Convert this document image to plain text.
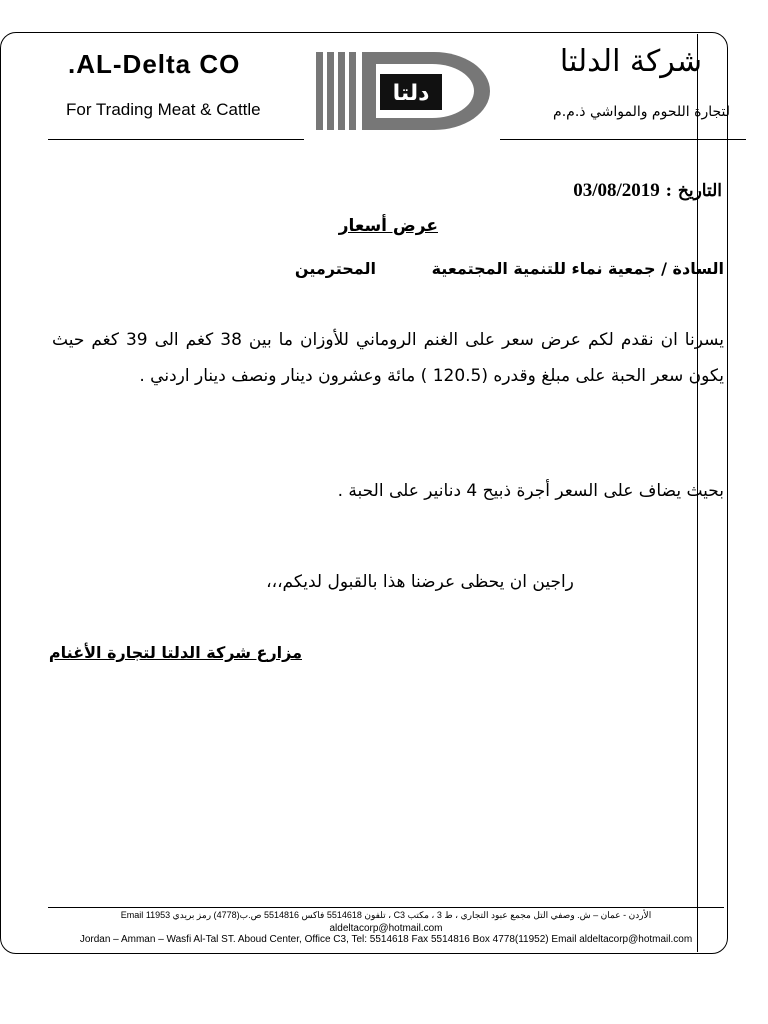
.AL-Delta CO
For Trading Meat & Cattle
دلتا
شركة الدلتا
لتجارة اللحوم والمواشي ذ.م.م
التاريخ : 03/08/2019
عرض أسعار
السادة / جمعية نماء للتنمية المجتمعية المحترمين
يسرنا ان نقدم لكم عرض سعر على الغنم الروماني للأوزان ما بين 38 كغم الى 39 كغم حيث يكون سعر الحبة على مبلغ وقدره (120.5 ) مائة وعشرون دينار ونصف دينار اردني .
بحيث يضاف على السعر أجرة ذبيح 4 دنانير على الحبة .
راجين ان يحظى عرضنا هذا بالقبول لديكم،،،
مزارع شركة الدلتا لتجارة الأغنام
الأردن - عمان – ش. وصفي التل مجمع عبود التجاري ، ط 3 ، مكتب C3 ، تلفون 5514618 فاكس 5514816 ص.ب(4778) رمز بريدي 11953 Email
aldeltacorp@hotmail.com
Jordan – Amman – Wasfi Al-Tal ST. Aboud Center, Office C3, Tel: 5514618 Fax 5514816 Box 4778(11952) Email aldeltacorp@hotmail.com
